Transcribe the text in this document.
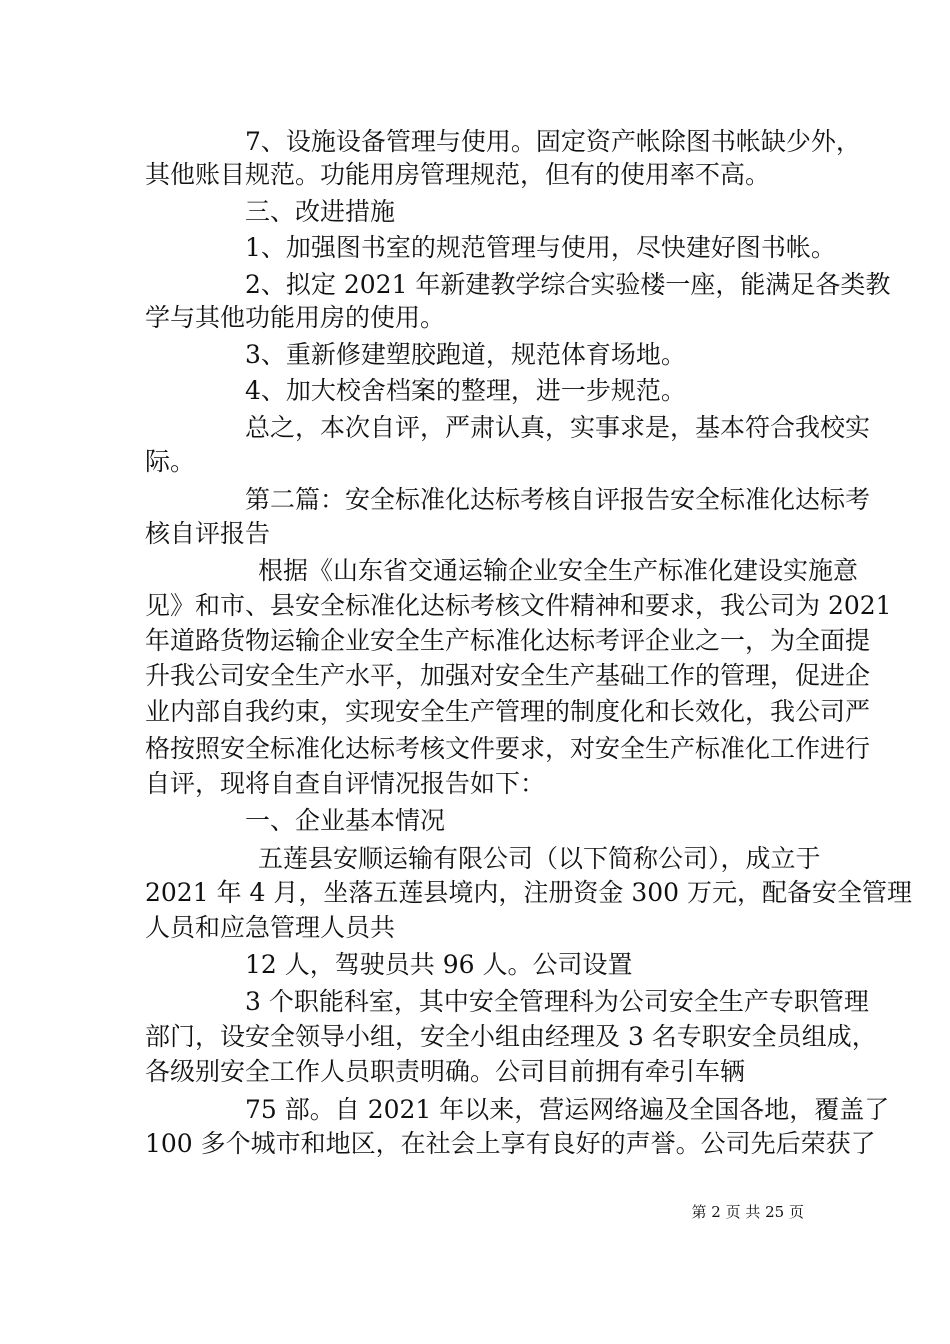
7、设施设备管理与使用。固定资产帐除图书帐缺少外，
其他账目规范。功能用房管理规范，但有的使用率不高。
三、改进措施
1、加强图书室的规范管理与使用，尽快建好图书帐。
2、拟定 2021 年新建教学综合实验楼一座，能满足各类教
学与其他功能用房的使用。
3、重新修建塑胶跑道，规范体育场地。
4、加大校舍档案的整理，进一步规范。
总之，本次自评，严肃认真，实事求是，基本符合我校实
际。
第二篇：安全标准化达标考核自评报告安全标准化达标考
核自评报告
根据《山东省交通运输企业安全生产标准化建设实施意
见》和市、县安全标准化达标考核文件精神和要求，我公司为 2021
年道路货物运输企业安全生产标准化达标考评企业之一，为全面提
升我公司安全生产水平，加强对安全生产基础工作的管理，促进企
业内部自我约束，实现安全生产管理的制度化和长效化，我公司严
格按照安全标准化达标考核文件要求，对安全生产标准化工作进行
自评，现将自查自评情况报告如下：
一、企业基本情况
五莲县安顺运输有限公司（以下简称公司），成立于
2021 年 4 月，坐落五莲县境内，注册资金 300 万元，配备安全管理
人员和应急管理人员共
12 人，驾驶员共 96 人。公司设置
3 个职能科室，其中安全管理科为公司安全生产专职管理
部门，设安全领导小组，安全小组由经理及 3 名专职安全员组成，
各级别安全工作人员职责明确。公司目前拥有牵引车辆
75 部。自 2021 年以来，营运网络遍及全国各地，覆盖了
100 多个城市和地区，在社会上享有良好的声誉。公司先后荣获了
第 2 页 共 25 页
